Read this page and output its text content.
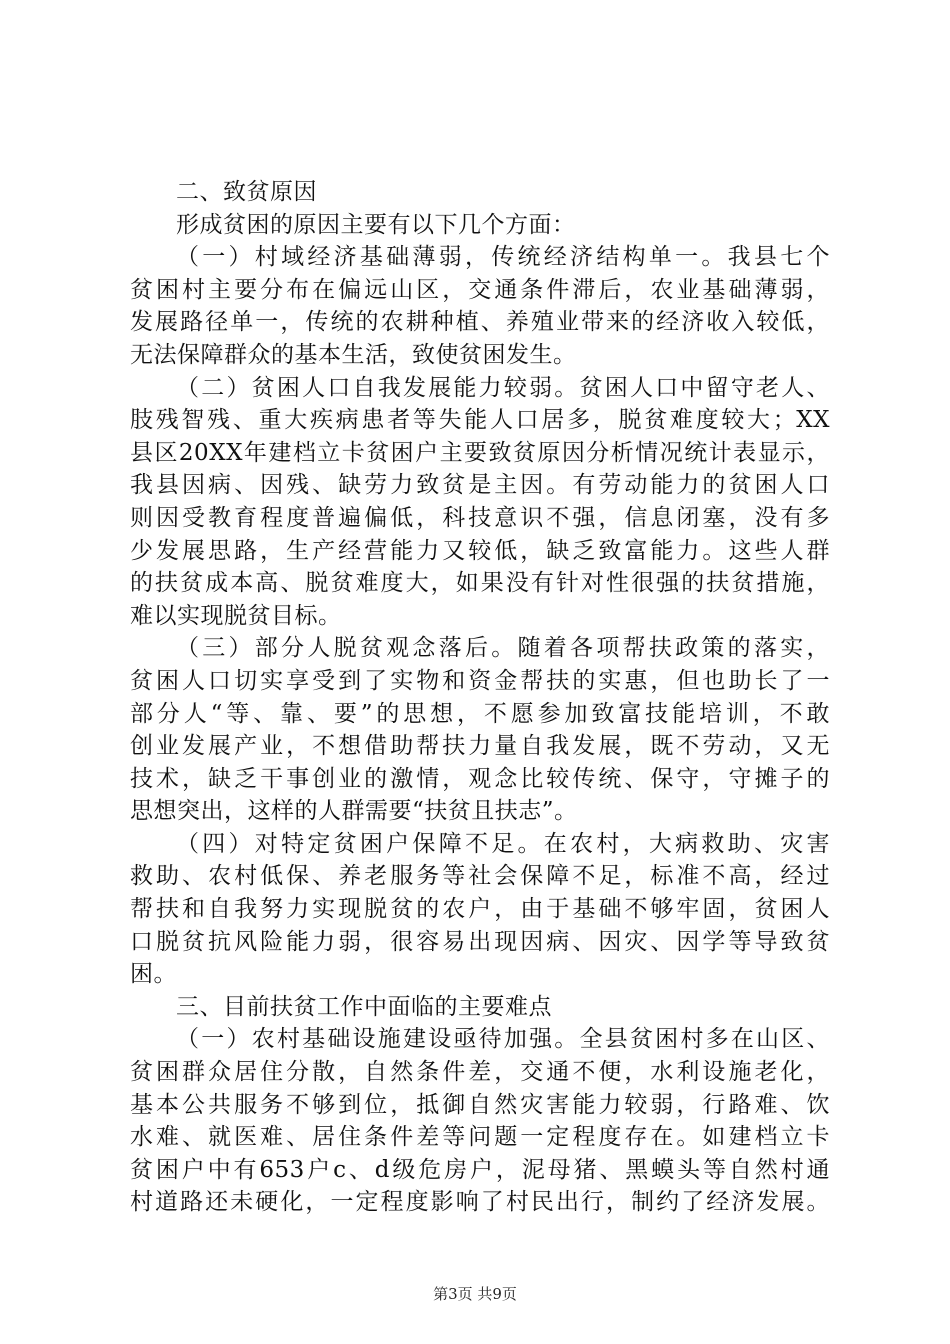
二、致贫原因
形成贫困的原因主要有以下几个方面：
（一）村域经济基础薄弱，传统经济结构单一。我县七个
贫困村主要分布在偏远山区，交通条件滞后，农业基础薄弱，
发展路径单一，传统的农耕种植、养殖业带来的经济收入较低，
无法保障群众的基本生活，致使贫困发生。
（二）贫困人口自我发展能力较弱。贫困人口中留守老人、
肢残智残、重大疾病患者等失能人口居多，脱贫难度较大；XX
县区20XX年建档立卡贫困户主要致贫原因分析情况统计表显示，
我县因病、因残、缺劳力致贫是主因。有劳动能力的贫困人口
则因受教育程度普遍偏低，科技意识不强，信息闭塞，没有多
少发展思路，生产经营能力又较低，缺乏致富能力。这些人群
的扶贫成本高、脱贫难度大，如果没有针对性很强的扶贫措施，
难以实现脱贫目标。
（三）部分人脱贫观念落后。随着各项帮扶政策的落实，
贫困人口切实享受到了实物和资金帮扶的实惠，但也助长了一
部分人“等、靠、要”的思想，不愿参加致富技能培训，不敢
创业发展产业，不想借助帮扶力量自我发展，既不劳动，又无
技术，缺乏干事创业的激情，观念比较传统、保守，守摊子的
思想突出，这样的人群需要“扶贫且扶志”。
（四）对特定贫困户保障不足。在农村，大病救助、灾害
救助、农村低保、养老服务等社会保障不足，标准不高，经过
帮扶和自我努力实现脱贫的农户，由于基础不够牢固，贫困人
口脱贫抗风险能力弱，很容易出现因病、因灾、因学等导致贫
困。
三、目前扶贫工作中面临的主要难点
（一）农村基础设施建设亟待加强。全县贫困村多在山区、
贫困群众居住分散，自然条件差，交通不便，水利设施老化，
基本公共服务不够到位，抵御自然灾害能力较弱，行路难、饮
水难、就医难、居住条件差等问题一定程度存在。如建档立卡
贫困户中有653户c、d级危房户，泥母猪、黑蟆头等自然村通
村道路还未硬化，一定程度影响了村民出行，制约了经济发展。
第3页 共9页
